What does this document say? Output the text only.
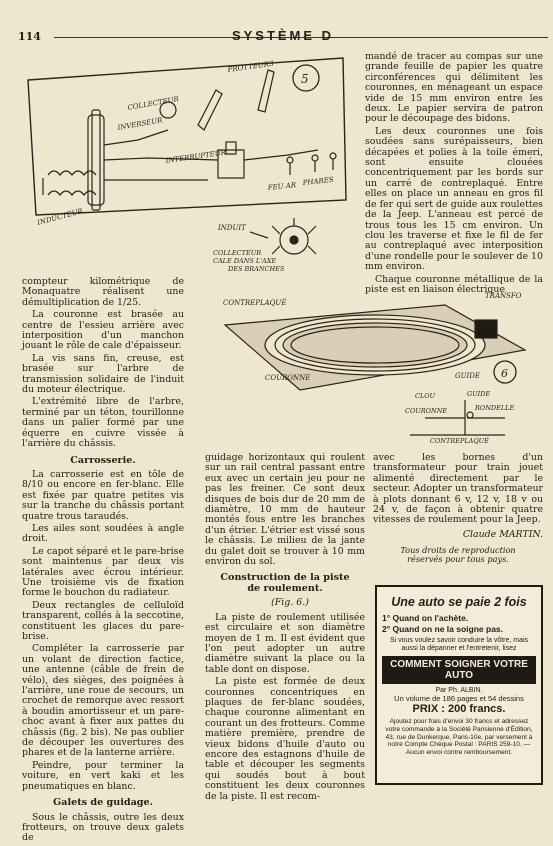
114	SYSTÈME D
5
FROTTEURS
COLLECTEUR
INVERSEUR
INTERRUPTEUR
FEU AR PHARES
INDUCTEUR
INDUIT
COLLECTEUR
CALE DANS L'AXE
DES BRANCHES

compteur kilométrique de Monaquatre réalisent une démultiplication de 1/25.

La couronne est brasée au centre de l'essieu arrière avec interposition d'un manchon jouant le rôle de cale d'épaisseur.

La vis sans fin, creuse, est brasée sur l'arbre de transmission solidaire de l'induit du moteur électrique.

L'extrémité libre de l'arbre, terminé par un téton, tourillonne dans un palier formé par une équerre en cuivre vissée à l'arrière du châssis.

Carrosserie.

La carrosserie est en tôle de 8/10 ou encore en fer-blanc. Elle est fixée par quatre petites vis sur la tranche du châssis portant quatre trous taraudés.

Les ailes sont soudées à angle droit.

Le capot séparé et le pare-brise sont maintenus par deux vis latérales avec écrou intérieur. Une troisième vis de fixation forme le bouchon du radiateur.

Deux rectangles de celluloïd transparent, collés à la seccotine, constituent les glaces du pare-brise.

Compléter la carrosserie par un volant de direction factice, une antenne (câble de frein de vélo), des sièges, des poignées à l'arrière, une roue de secours, un crochet de remorque avec ressort à boudin amortisseur et un pare-choc avant à fixer aux pattes du châssis (fig. 2 bis). Ne pas oublier de découper les ouvertures des phares et de la lanterne arrière.

Peindre, pour terminer la voiture, en vert kaki et les pneumatiques en blanc.

Galets de guidage.

Sous le châssis, outre les deux frotteurs, on trouve deux galets de

6
CONTREPLAQUÉ
TRANSFO
COURONNE	GUIDE
CLOU	GUIDE
COURONNE	RONDELLE
CONTREPLAQUÉ

guidage horizontaux qui roulent sur un rail central passant entre eux avec un certain jeu pour ne pas les freiner. Ce sont deux disques de bois dur de 20 mm de diamètre, 10 mm de hauteur montés fous entre les branches d'un étrier. L'étrier est vissé sous le châssis. Le milieu de la jante du galet doit se trouver à 10 mm environ du sol.

Construction de la piste
de roulement.

(Fig. 6.)

La piste de roulement utilisée est circulaire et son diamètre moyen de 1 m. Il est évident que l'on peut adopter un autre diamètre suivant la place ou la table dont on dispose.

La piste est formée de deux couronnes concentriques en plaques de fer-blanc soudées, chaque couronne alimentant en courant un des frotteurs. Comme matière première, prendre de vieux bidons d'huile d'auto ou encore des estagnons d'huile de table et découper les segments qui soudés bout à bout constituent les deux couronnes de la piste. Il est recom-

mandé de tracer au compas sur une grande feuille de papier les quatre circonférences qui délimitent les couronnes, en ménageant un espace vide de 15 mm environ entre les deux. Le papier servira de patron pour le découpage des bidons.

Les deux couronnes une fois soudées sans surépaisseurs, bien décapées et polies à la toile émeri, sont ensuite clouées concentriquement par les bords sur un carré de contreplaqué. Entre elles on place un anneau en gros fil de fer qui sert de guide aux roulettes de la Jeep. L'anneau est percé de trous tous les 15 cm environ. Un clou les traverse et fixe le fil de fer au contreplaqué avec interposition d'une rondelle pour le soulever de 10 mm environ.

Chaque couronne métallique de la piste est en liaison électrique

avec les bornes d'un transformateur pour train jouet alimenté directement par le secteur. Adopter un transformateur à plots donnant 6 v, 12 v, 18 v ou 24 v, de façon à obtenir quatre vitesses de roulement pour la Jeep.

Claude MARTIN.
Tous droits de reproduction
réservés pour tous pays.
Une auto se paie 2 fois
1° Quand on l'achète.
2° Quand on ne la soigne pas.
Si vous voulez savoir conduire la vôtre, mais aussi la dépanner et l'entretenir, lisez
COMMENT SOIGNER VOTRE AUTO
Par Ph. ALBIN.
Un volume de 186 pages et 54 dessins
PRIX : 200 francs.
Ajoutez pour frais d'envoi 30 francs et adressez votre commande à la Société Parisienne d'Édition, 43, rue de Dunkerque, Paris-10e, par versement à notre Compte Chèque Postal : PARIS 259-10. — Aucun envoi contre remboursement.
